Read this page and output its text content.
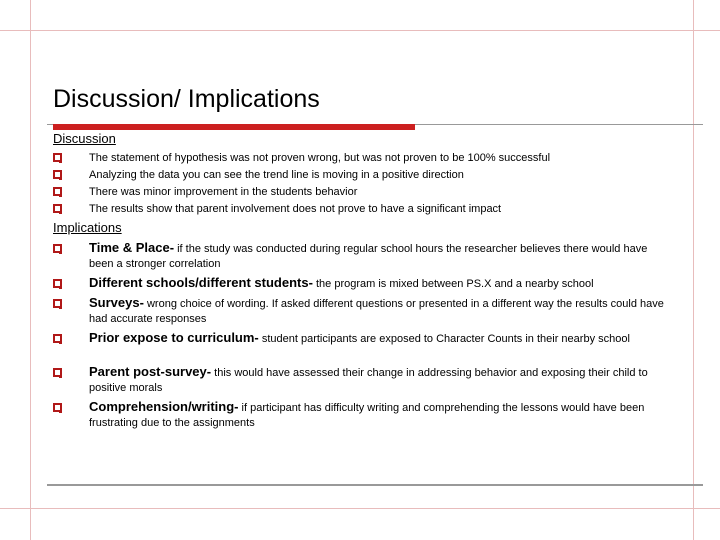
Discussion/ Implications
Discussion
The statement of hypothesis was not proven wrong, but was not proven to be 100% successful
Analyzing the data you can see the trend line is moving in a positive direction
There was minor improvement in the students behavior
The results show that parent involvement does not prove to have a significant impact
Implications
Time & Place- if the study was conducted during regular school hours the researcher believes there would have been a stronger correlation
Different schools/different students- the program is mixed between PS.X and a nearby school
Surveys- wrong choice of wording. If asked different questions or presented in a different way the results could have had accurate responses
Prior expose to curriculum- student participants are exposed to Character Counts in their nearby school
Parent post-survey- this would have assessed their change in addressing behavior and exposing their child to positive morals
Comprehension/writing- if participant has difficulty writing and comprehending the lessons would have been frustrating due to the assignments
